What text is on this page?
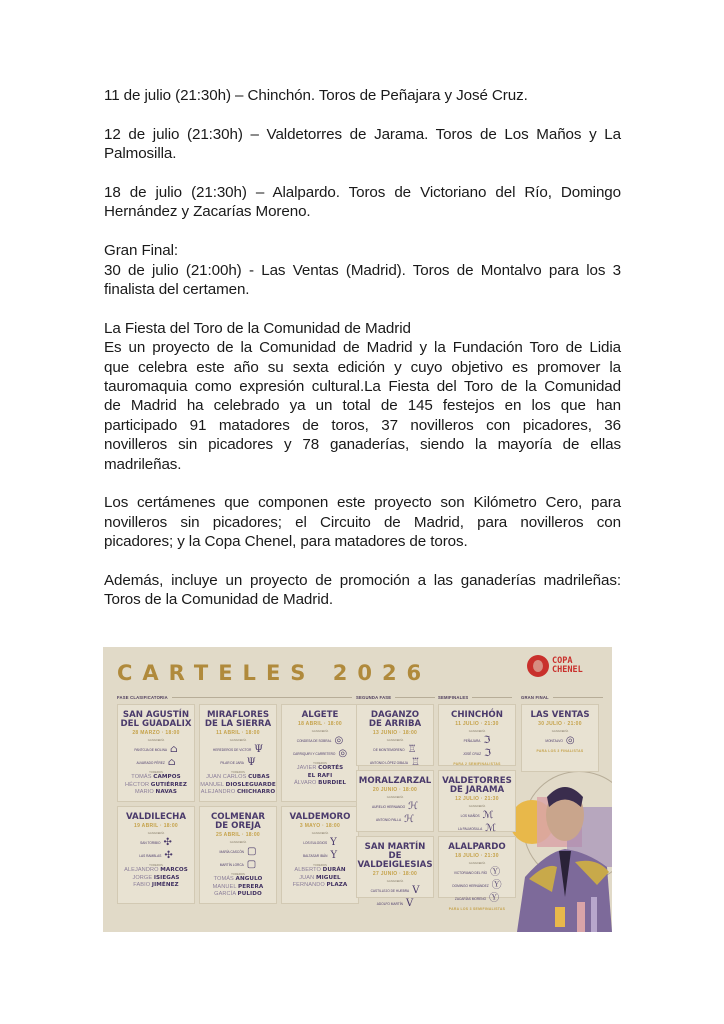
11 de julio (21:30h) – Chinchón. Toros de Peñajara y José Cruz.

12 de julio (21:30h) – Valdetorres de Jarama. Toros de Los Maños y La
Palmosilla.

18 de julio (21:30h) – Alalpardo. Toros de Victoriano del Río, Domingo
Hernández y Zacarías Moreno.

Gran Final:
30 de julio (21:00h) - Las Ventas (Madrid). Toros de Montalvo para los 3
finalista del certamen.

La Fiesta del Toro de la Comunidad de Madrid
Es un proyecto de la Comunidad de Madrid y la Fundación Toro de Lidia
que celebra este año su sexta edición y cuyo objetivo es promover la
tauromaquia como expresión cultural.La Fiesta del Toro de la Comunidad
de Madrid ha celebrado ya un total de 145 festejos en los que han
participado 91 matadores de toros, 37 novilleros con picadores, 36
novilleros sin picadores y 78 ganaderías, siendo la mayoría de ellas
madrileñas.

Los certámenes que componen este proyecto son Kilómetro Cero, para
novilleros sin picadores; el Circuito de Madrid, para novilleros con
picadores; y la Copa Chenel, para matadores de toros.

Además, incluye un proyecto de promoción a las ganaderías madrileñas:
Toros de la Comunidad de Madrid.

CARTELES 2026	COPA
CHENEL
FASE CLASIFICATORIA	SEGUNDA FASE	SEMIFINALES	GRAN FINAL
SAN AGUSTÍN
DEL GUADALIX
28 MARZO · 18:00
GANADERÍA
PANTOJA DE MOLINA ⌂
ALVARADO PÉREZ ⌂
TOREROS
TOMÁS CAMPOS
HÉCTOR GUTIÉRREZ
MARIO NAVAS
MIRAFLORES
DE LA SIERRA
11 ABRIL · 18:00
GANADERÍA
HEREDEROS DE VICTOR Ψ
PILAR DE JARA Ψ
TOREROS
JUAN CARLOS CUBAS
MANUEL DIOSLEGUARDE
ALEJANDRO CHICHARRO
ALGETE
18 ABRIL · 18:00
GANADERÍA
CONDESA DE SOBRAL ◎
CARRIQUIRI Y CARRETERO ◎
TOREROS
JAVIER CORTÉS
EL RAFI
ÁLVARO BURDIEL
VALDILECHA
19 ABRIL · 18:00
GANADERÍA
SAN TORIBIO ✣
LAS RAMBLAS ✣
TOREROS
ALEJANDRO MARCOS
JORGE ISIEGAS
FABIO JIMÉNEZ
COLMENAR
DE OREJA
25 ABRIL · 18:00
GANADERÍA
MARÍA CASCÓN ▢
MARTÍN LORCA ▢
TOREROS
TOMÁS ANGULO
MANUEL PERERA
GARCÍA PULIDO
VALDEMORO
3 MAYO · 18:00
GANADERÍA
LOS EULOGIOS Y
BALTASAR IBÁN Y
TOREROS
ALBERTO DURÁN
JUAN MIGUEL
FERNANDO PLAZA
DAGANZO
DE ARRIBA
13 JUNIO · 18:00
GANADERÍA
DE MONTEMORENO ♖
ANTONIO LÓPEZ GIBAJA ♖
MORALZARZAL
20 JUNIO · 18:00
GANADERÍA
AURELIO HERNANDO ℋ
ANTONIO PALLA ℋ
SAN MARTÍN DE
VALDEIGLESIAS
27 JUNIO · 18:00
GANADERÍA
CASTILLEJO DE HUEBRA Ⅴ
ADOLFO MARTÍN Ⅴ
CHINCHÓN
11 JULIO · 21:30
GANADERÍA
PEÑAJARA ℑ
JOSÉ CRUZ ℑ
PARA 2 SEMIFINALISTAS
VALDETORRES
DE JARAMA
12 JULIO · 21:30
GANADERÍA
LOS MAÑOS ℳ
LA PALMOSILLA ℳ
ALALPARDO
18 JULIO · 21:30
GANADERÍA
VICTORIANO DEL RÍO Ⓨ
DOMINGO HERNÁNDEZ Ⓨ
ZACARÍAS MORENO Ⓨ
PARA LOS 3 SEMIFINALISTAS
LAS VENTAS
30 JULIO · 21:00
GANADERÍA
MONTALVO ◎
PARA LOS 3 FINALISTAS
